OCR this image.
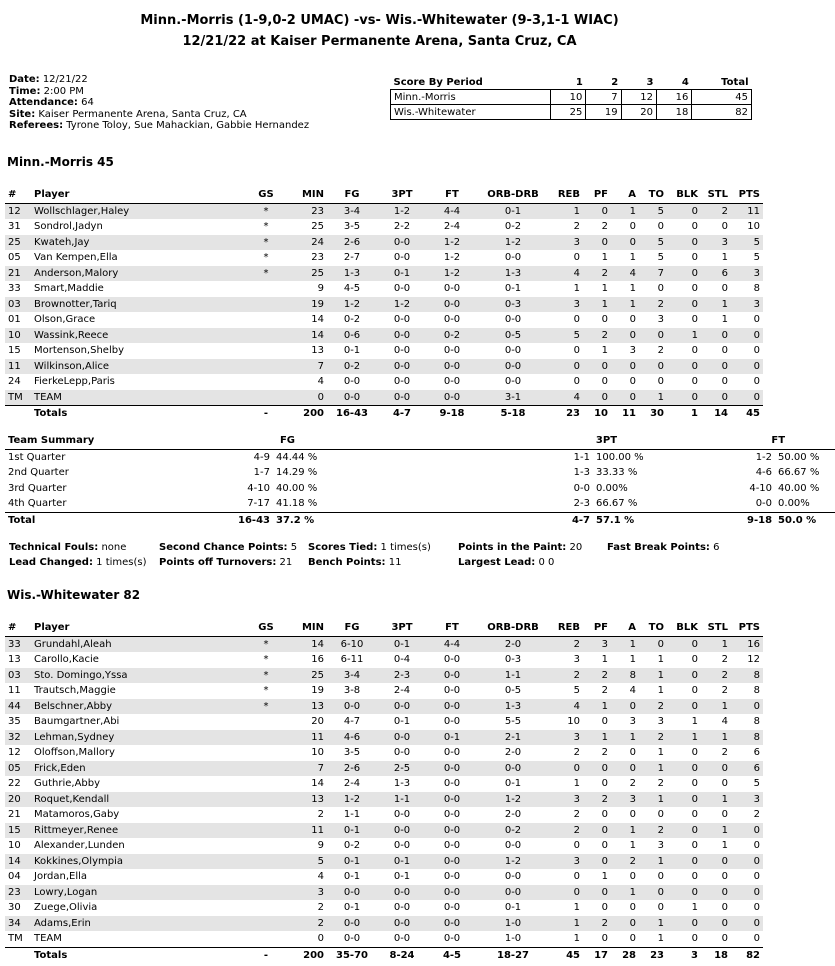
Minn.-Morris (1-9,0-2 UMAC) -vs- Wis.-Whitewater (9-3,1-1 WIAC)
12/21/22 at Kaiser Permanente Arena, Santa Cruz, CA
Date: 12/21/22
Time: 2:00 PM
Attendance: 64
Site: Kaiser Permanente Arena, Santa Cruz, CA
Referees: Tyrone Toloy, Sue Mahackian, Gabbie Hernandez
Score By Period	1	2	3	4	Total
Minn.-Morris	10	7	12	16	45
Wis.-Whitewater	25	19	20	18	82
Minn.-Morris 45
#	Player	GS	MIN	FG	3PT	FT	ORB-DRB	REB	PF	A	TO	BLK	STL	PTS
12	Wollschlager,Haley	*	23	3-4	1-2	4-4	0-1	1	0	1	5	0	2	11
31	Sondrol,Jadyn	*	25	3-5	2-2	2-4	0-2	2	2	0	0	0	0	10
25	Kwateh,Jay	*	24	2-6	0-0	1-2	1-2	3	0	0	5	0	3	5
05	Van Kempen,Ella	*	23	2-7	0-0	1-2	0-0	0	1	1	5	0	1	5
21	Anderson,Malory	*	25	1-3	0-1	1-2	1-3	4	2	4	7	0	6	3
33	Smart,Maddie		9	4-5	0-0	0-0	0-1	1	1	1	0	0	0	8
03	Brownotter,Tariq		19	1-2	1-2	0-0	0-3	3	1	1	2	0	1	3
01	Olson,Grace		14	0-2	0-0	0-0	0-0	0	0	0	3	0	1	0
10	Wassink,Reece		14	0-6	0-0	0-2	0-5	5	2	0	0	1	0	0
15	Mortenson,Shelby		13	0-1	0-0	0-0	0-0	0	1	3	2	0	0	0
11	Wilkinson,Alice		7	0-2	0-0	0-0	0-0	0	0	0	0	0	0	0
24	FierkeLepp,Paris		4	0-0	0-0	0-0	0-0	0	0	0	0	0	0	0
TM	TEAM		0	0-0	0-0	0-0	3-1	4	0	0	1	0	0	0
	Totals	-	200	16-43	4-7	9-18	5-18	23	10	11	30	1	14	45
Team Summary	FG		3PT		FT	
1st Quarter	4-9	44.44 %	1-1	100.00 %	1-2	50.00 %
2nd Quarter	1-7	14.29 %	1-3	33.33 %	4-6	66.67 %
3rd Quarter	4-10	40.00 %	0-0	0.00%	4-10	40.00 %
4th Quarter	7-17	41.18 %	2-3	66.67 %	0-0	0.00%
Total	16-43	37.2 %	4-7	57.1 %	9-18	50.0 %
Technical Fouls: none	Second Chance Points: 5 Scores Tied: 1 times(s)	Points in the Paint: 20 Fast Break Points: 6
Lead Changed: 1 times(s) Points off Turnovers: 21 Bench Points: 11	Largest Lead: 0 0
Wis.-Whitewater 82
#	Player	GS	MIN	FG	3PT	FT	ORB-DRB	REB	PF	A	TO	BLK	STL	PTS
33	Grundahl,Aleah	*	14	6-10	0-1	4-4	2-0	2	3	1	0	0	1	16
13	Carollo,Kacie	*	16	6-11	0-4	0-0	0-3	3	1	1	1	0	2	12
03	Sto. Domingo,Yssa	*	25	3-4	2-3	0-0	1-1	2	2	8	1	0	2	8
11	Trautsch,Maggie	*	19	3-8	2-4	0-0	0-5	5	2	4	1	0	2	8
44	Belschner,Abby	*	13	0-0	0-0	0-0	1-3	4	1	0	2	0	1	0
35	Baumgartner,Abi		20	4-7	0-1	0-0	5-5	10	0	3	3	1	4	8
32	Lehman,Sydney		11	4-6	0-0	0-1	2-1	3	1	1	2	1	1	8
12	Oloffson,Mallory		10	3-5	0-0	0-0	2-0	2	2	0	1	0	2	6
05	Frick,Eden		7	2-6	2-5	0-0	0-0	0	0	0	1	0	0	6
22	Guthrie,Abby		14	2-4	1-3	0-0	0-1	1	0	2	2	0	0	5
20	Roquet,Kendall		13	1-2	1-1	0-0	1-2	3	2	3	1	0	1	3
21	Matamoros,Gaby		2	1-1	0-0	0-0	2-0	2	0	0	0	0	0	2
15	Rittmeyer,Renee		11	0-1	0-0	0-0	0-2	2	0	1	2	0	1	0
10	Alexander,Lunden		9	0-2	0-0	0-0	0-0	0	0	1	3	0	1	0
14	Kokkines,Olympia		5	0-1	0-1	0-0	1-2	3	0	2	1	0	0	0
04	Jordan,Ella		4	0-1	0-1	0-0	0-0	0	1	0	0	0	0	0
23	Lowry,Logan		3	0-0	0-0	0-0	0-0	0	0	1	0	0	0	0
30	Zuege,Olivia		2	0-1	0-0	0-0	0-1	1	0	0	0	1	0	0
34	Adams,Erin		2	0-0	0-0	0-0	1-0	1	2	0	1	0	0	0
TM	TEAM		0	0-0	0-0	0-0	1-0	1	0	0	1	0	0	0
	Totals	-	200	35-70	8-24	4-5	18-27	45	17	28	23	3	18	82
